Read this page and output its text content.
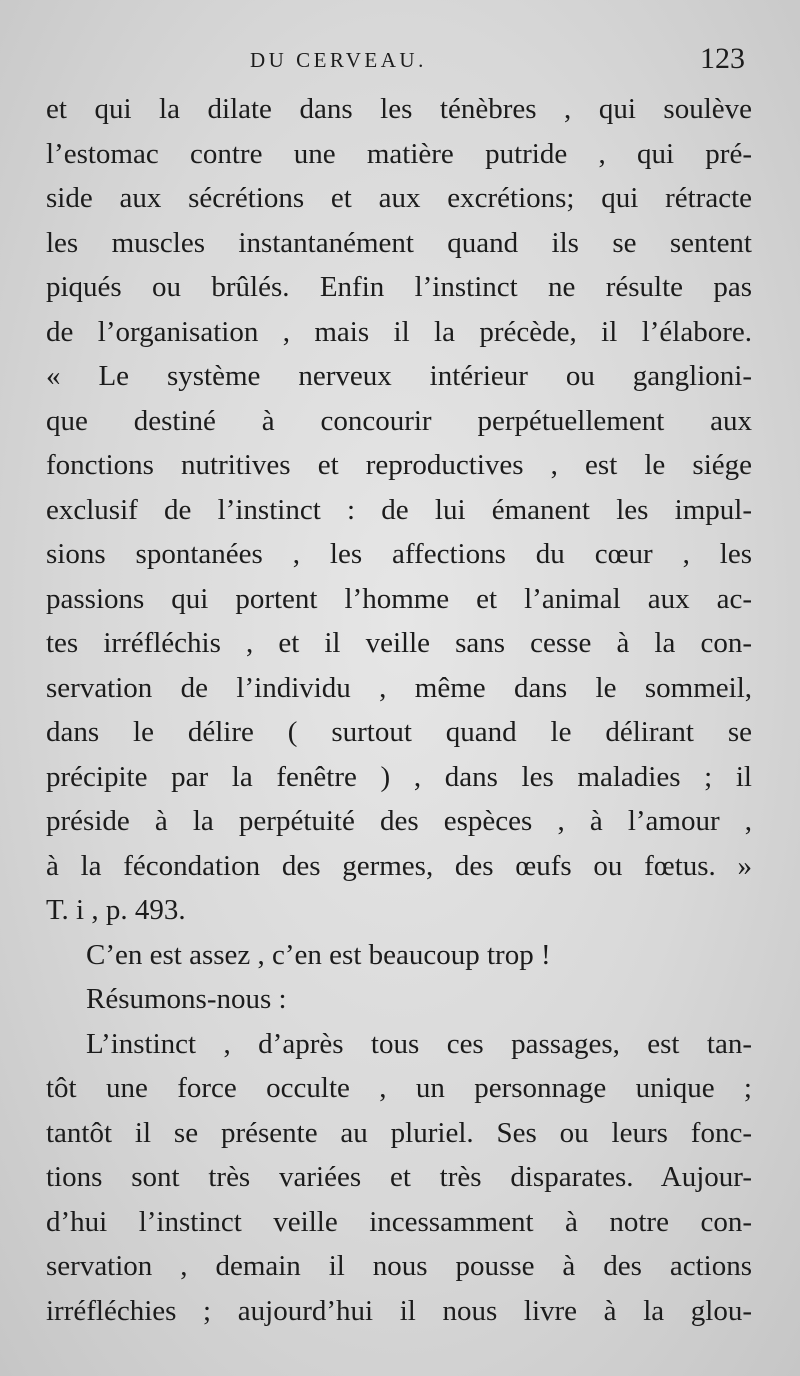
DU CERVEAU.	123
et qui la dilate dans les ténèbres , qui soulève
l’estomac contre une matière putride , qui pré-
side aux sécrétions et aux excrétions; qui rétracte
les muscles instantanément quand ils se sentent
piqués ou brûlés. Enfin l’instinct ne résulte pas
de l’organisation , mais il la précède, il l’élabore.
« Le système nerveux intérieur ou ganglioni-
que destiné à concourir perpétuellement aux
fonctions nutritives et reproductives , est le siége
exclusif de l’instinct : de lui émanent les impul-
sions spontanées , les affections du cœur , les
passions qui portent l’homme et l’animal aux ac-
tes irréfléchis , et il veille sans cesse à la con-
servation de l’individu , même dans le sommeil,
dans le délire ( surtout quand le délirant se
précipite par la fenêtre ) , dans les maladies ; il
préside à la perpétuité des espèces , à l’amour ,
à la fécondation des germes, des œufs ou fœtus. »
T. i , p. 493.
C’en est assez , c’en est beaucoup trop !
Résumons-nous :
L’instinct , d’après tous ces passages, est tan-
tôt une force occulte , un personnage unique ;
tantôt il se présente au pluriel. Ses ou leurs fonc-
tions sont très variées et très disparates. Aujour-
d’hui l’instinct veille incessamment à notre con-
servation , demain il nous pousse à des actions
irréfléchies ; aujourd’hui il nous livre à la glou-
